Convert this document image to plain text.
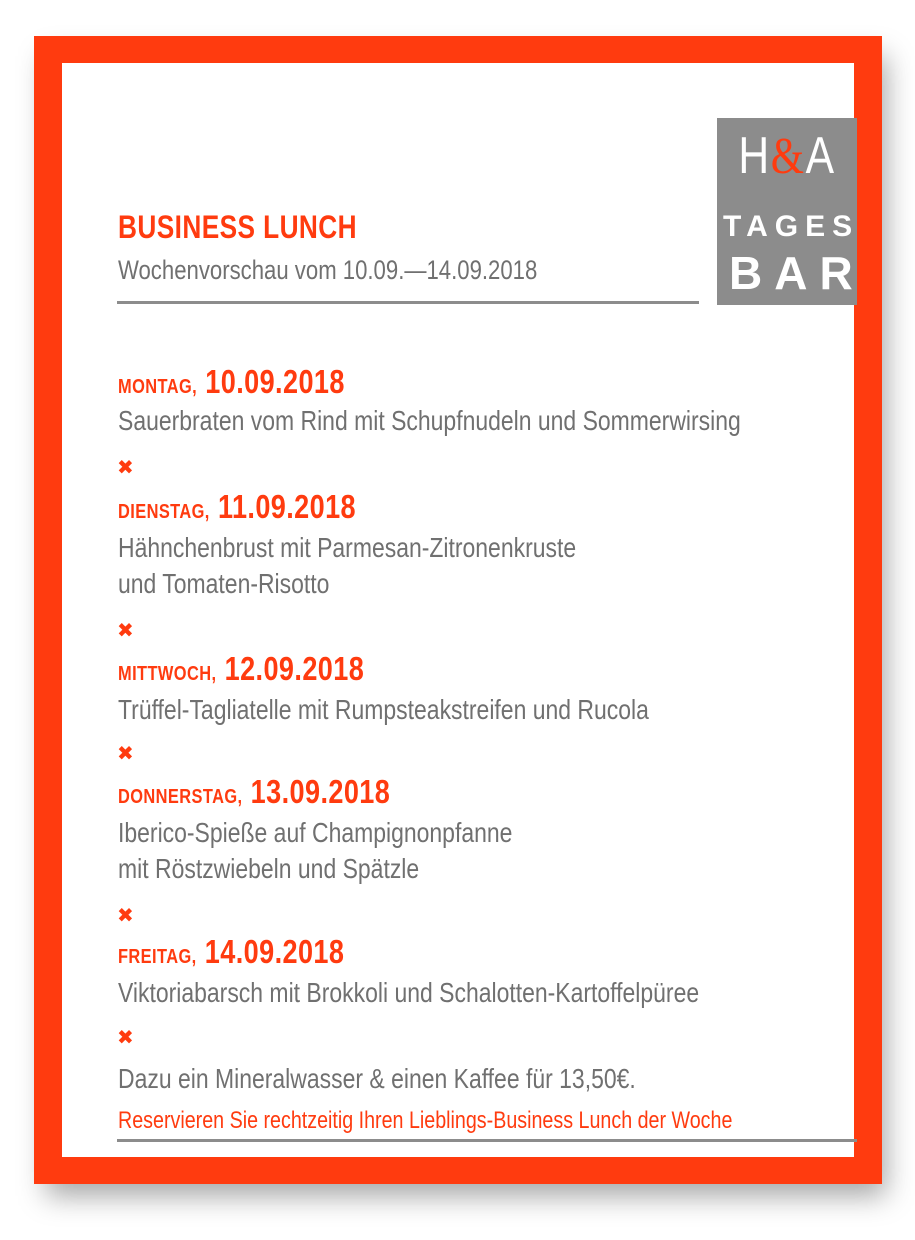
H&A
TAGES
BAR
BUSINESS LUNCH
Wochenvorschau vom 10.09.—14.09.2018
MONTAG, 10.09.2018
Sauerbraten vom Rind mit Schupfnudeln und Sommerwirsing
✖
DIENSTAG, 11.09.2018
Hähnchenbrust mit Parmesan-Zitronenkruste
und Tomaten-Risotto
✖
MITTWOCH, 12.09.2018
Trüffel-Tagliatelle mit Rumpsteakstreifen und Rucola
✖
DONNERSTAG, 13.09.2018
Iberico-Spieße auf Champignonpfanne
mit Röstzwiebeln und Spätzle
✖
FREITAG, 14.09.2018
Viktoriabarsch mit Brokkoli und Schalotten-Kartoffelpüree
✖
Dazu ein Mineralwasser & einen Kaffee für 13,50€.
Reservieren Sie rechtzeitig Ihren Lieblings-Business Lunch der Woche
